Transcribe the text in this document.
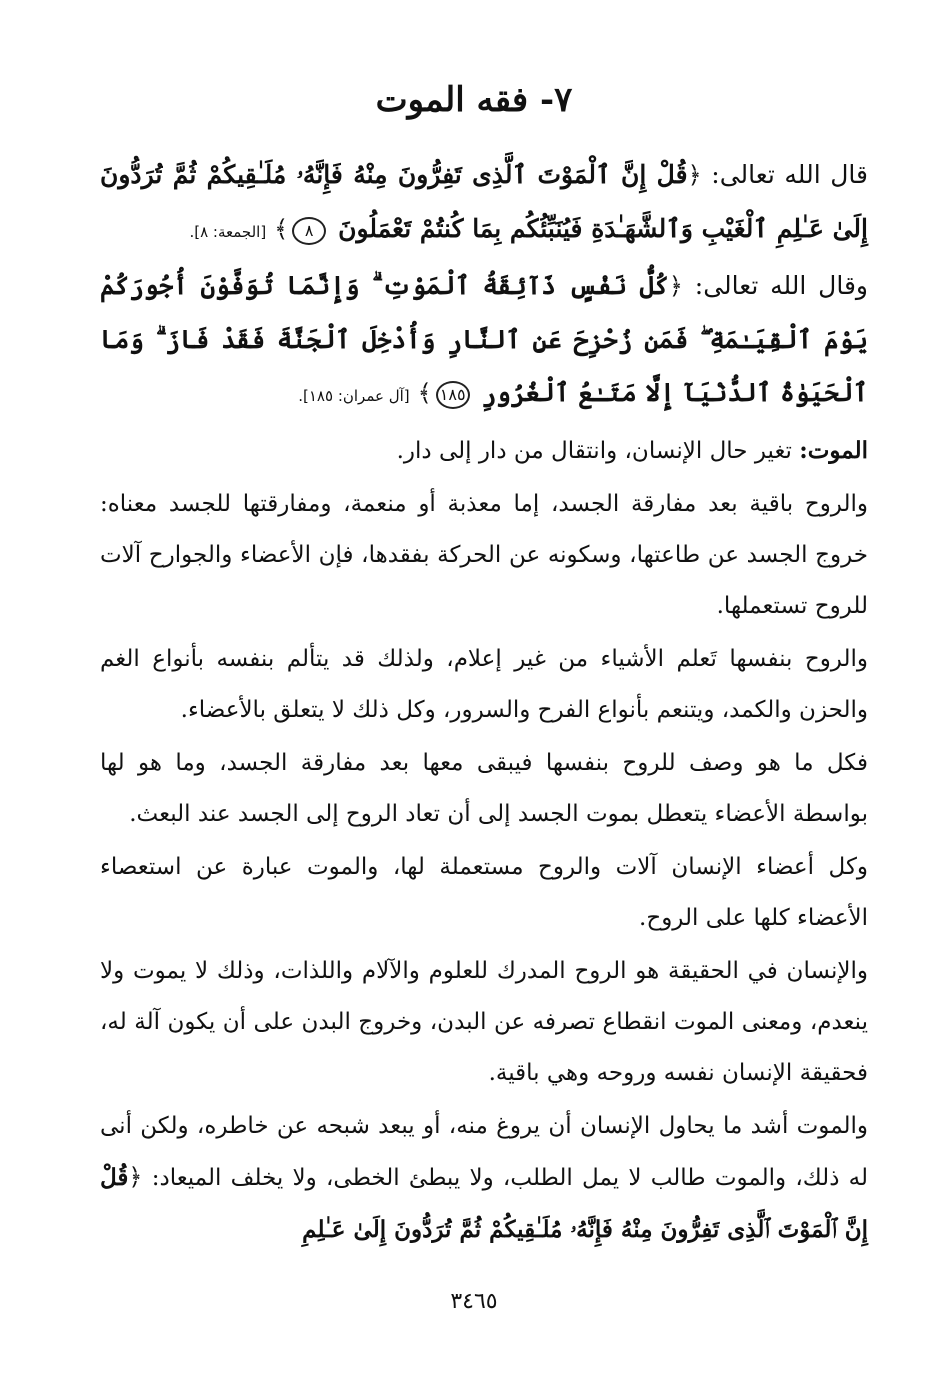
٧- فقه الموت

قال الله تعالى: ﴿قُلْ إِنَّ ٱلْمَوْتَ ٱلَّذِى تَفِرُّونَ مِنْهُ فَإِنَّهُۥ مُلَـٰقِيكُمْ ثُمَّ تُرَدُّونَ إِلَىٰ عَـٰلِمِ ٱلْغَيْبِ وَٱلشَّهَـٰدَةِ فَيُنَبِّئُكُم بِمَا كُنتُمْ تَعْمَلُونَ ٨﴾ [الجمعة: ٨].

وقال الله تعالى: ﴿كُلُّ نَفْسٍ ذَآئِقَةُ ٱلْمَوْتِ ۗ وَإِنَّمَا تُوَفَّوْنَ أُجُورَكُمْ يَوْمَ ٱلْقِيَـٰمَةِ ۖ فَمَن زُحْزِحَ عَنِ ٱلنَّارِ وَأُدْخِلَ ٱلْجَنَّةَ فَقَدْ فَازَ ۗ وَمَا ٱلْحَيَوٰةُ ٱلدُّنْيَآ إِلَّا مَتَـٰعُ ٱلْغُرُورِ ١٨٥﴾ [آل عمران: ١٨٥].

الموت: تغير حال الإنسان، وانتقال من دار إلى دار.

والروح باقية بعد مفارقة الجسد، إما معذبة أو منعمة، ومفارقتها للجسد معناه: خروج الجسد عن طاعتها، وسكونه عن الحركة بفقدها، فإن الأعضاء والجوارح آلات للروح تستعملها.

والروح بنفسها تَعلم الأشياء من غير إعلام، ولذلك قد يتألم بنفسه بأنواع الغم والحزن والكمد، ويتنعم بأنواع الفرح والسرور، وكل ذلك لا يتعلق بالأعضاء.

فكل ما هو وصف للروح بنفسها فيبقى معها بعد مفارقة الجسد، وما هو لها بواسطة الأعضاء يتعطل بموت الجسد إلى أن تعاد الروح إلى الجسد عند البعث.

وكل أعضاء الإنسان آلات والروح مستعملة لها، والموت عبارة عن استعصاء الأعضاء كلها على الروح.

والإنسان في الحقيقة هو الروح المدرك للعلوم والآلام واللذات، وذلك لا يموت ولا ينعدم، ومعنى الموت انقطاع تصرفه عن البدن، وخروج البدن على أن يكون آلة له، فحقيقة الإنسان نفسه وروحه وهي باقية.

والموت أشد ما يحاول الإنسان أن يروغ منه، أو يبعد شبحه عن خاطره، ولكن أنى له ذلك، والموت طالب لا يمل الطلب، ولا يبطئ الخطى، ولا يخلف الميعاد: ﴿قُلْ إِنَّ ٱلْمَوْتَ ٱلَّذِى تَفِرُّونَ مِنْهُ فَإِنَّهُۥ مُلَـٰقِيكُمْ ثُمَّ تُرَدُّونَ إِلَىٰ عَـٰلِمِ

٣٤٦٥
